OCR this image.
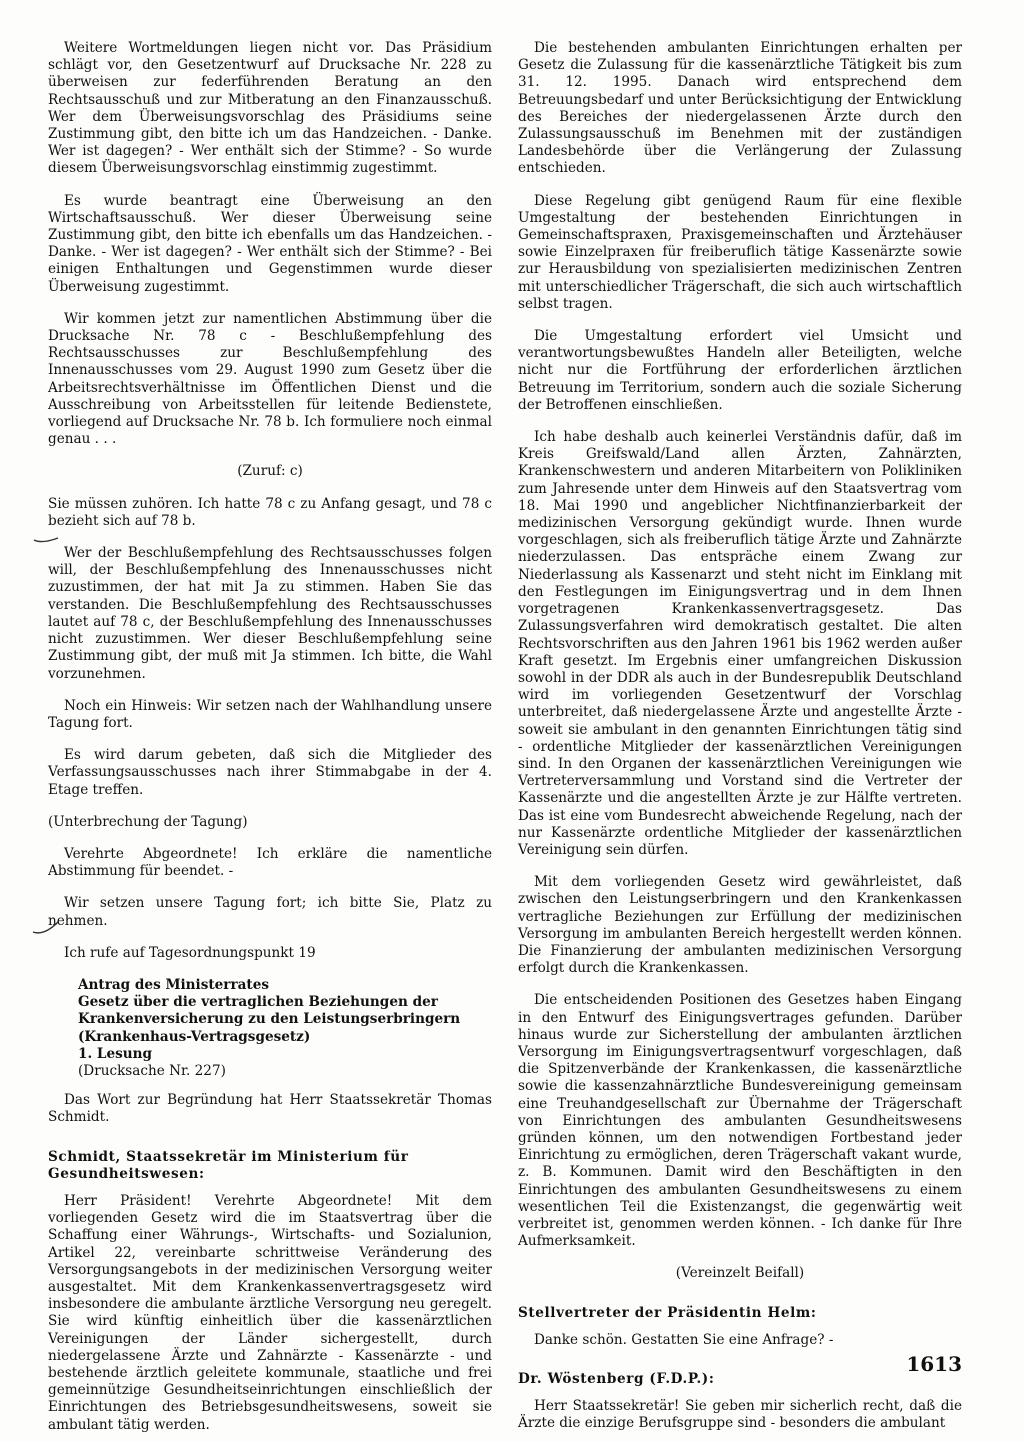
Weitere Wortmeldungen liegen nicht vor. Das Präsidium schlägt vor, den Gesetzentwurf auf Drucksache Nr. 228 zu überweisen zur federführenden Beratung an den Rechtsausschuß und zur Mitberatung an den Finanzausschuß. Wer dem Überweisungsvorschlag des Präsidiums seine Zustimmung gibt, den bitte ich um das Handzeichen. - Danke. Wer ist dagegen? - Wer enthält sich der Stimme? - So wurde diesem Überweisungsvorschlag einstimmig zugestimmt.

Es wurde beantragt eine Überweisung an den Wirtschaftsausschuß. Wer dieser Überweisung seine Zustimmung gibt, den bitte ich ebenfalls um das Handzeichen. - Danke. - Wer ist dagegen? - Wer enthält sich der Stimme? - Bei einigen Enthaltungen und Gegenstimmen wurde dieser Überweisung zugestimmt.

Wir kommen jetzt zur namentlichen Abstimmung über die Drucksache Nr. 78 c - Beschlußempfehlung des Rechtsausschusses zur Beschlußempfehlung des Innenausschusses vom 29. August 1990 zum Gesetz über die Arbeitsrechtsverhältnisse im Öffentlichen Dienst und die Ausschreibung von Arbeitsstellen für leitende Bedienstete, vorliegend auf Drucksache Nr. 78 b. Ich formuliere noch einmal genau . . .

(Zuruf: c)

Sie müssen zuhören. Ich hatte 78 c zu Anfang gesagt, und 78 c bezieht sich auf 78 b.

Wer der Beschlußempfehlung des Rechtsausschusses folgen will, der Beschlußempfehlung des Innenausschusses nicht zuzustimmen, der hat mit Ja zu stimmen. Haben Sie das verstanden. Die Beschlußempfehlung des Rechtsausschusses lautet auf 78 c, der Beschlußempfehlung des Innenausschusses nicht zuzustimmen. Wer dieser Beschlußempfehlung seine Zustimmung gibt, der muß mit Ja stimmen. Ich bitte, die Wahl vorzunehmen.

Noch ein Hinweis: Wir setzen nach der Wahlhandlung unsere Tagung fort.

Es wird darum gebeten, daß sich die Mitglieder des Verfassungsausschusses nach ihrer Stimmabgabe in der 4. Etage treffen.

(Unterbrechung der Tagung)

Verehrte Abgeordnete! Ich erkläre die namentliche Abstimmung für beendet. -

Wir setzen unsere Tagung fort; ich bitte Sie, Platz zu nehmen.

Ich rufe auf Tagesordnungspunkt 19

Antrag des Ministerrates
Gesetz über die vertraglichen Beziehungen der Krankenversicherung zu den Leistungserbringern (Krankenhaus-Vertragsgesetz)
1. Lesung
(Drucksache Nr. 227)

Das Wort zur Begründung hat Herr Staatssekretär Thomas Schmidt.

Schmidt, Staatssekretär im Ministerium für Gesundheitswesen:

Herr Präsident! Verehrte Abgeordnete! Mit dem vorliegenden Gesetz wird die im Staatsvertrag über die Schaffung einer Währungs-, Wirtschafts- und Sozialunion, Artikel 22, vereinbarte schrittweise Veränderung des Versorgungsangebots in der medizinischen Versorgung weiter ausgestaltet. Mit dem Krankenkassenvertragsgesetz wird insbesondere die ambulante ärztliche Versorgung neu geregelt. Sie wird künftig einheitlich über die kassenärztlichen Vereinigungen der Länder sichergestellt, durch niedergelassene Ärzte und Zahnärzte - Kassenärzte - und bestehende ärztlich geleitete kommunale, staatliche und frei gemeinnützige Gesundheitseinrichtungen einschließlich der Einrichtungen des Betriebsgesundheitswesens, soweit sie ambulant tätig werden.

Die bestehenden ambulanten Einrichtungen erhalten per Gesetz die Zulassung für die kassenärztliche Tätigkeit bis zum 31. 12. 1995. Danach wird entsprechend dem Betreuungsbedarf und unter Berücksichtigung der Entwicklung des Bereiches der niedergelassenen Ärzte durch den Zulassungsausschuß im Benehmen mit der zuständigen Landesbehörde über die Verlängerung der Zulassung entschieden.

Diese Regelung gibt genügend Raum für eine flexible Umgestaltung der bestehenden Einrichtungen in Gemeinschaftspraxen, Praxisgemeinschaften und Ärztehäuser sowie Einzelpraxen für freiberuflich tätige Kassenärzte sowie zur Herausbildung von spezialisierten medizinischen Zentren mit unterschiedlicher Trägerschaft, die sich auch wirtschaftlich selbst tragen.

Die Umgestaltung erfordert viel Umsicht und verantwortungsbewußtes Handeln aller Beteiligten, welche nicht nur die Fortführung der erforderlichen ärztlichen Betreuung im Territorium, sondern auch die soziale Sicherung der Betroffenen einschließen.

Ich habe deshalb auch keinerlei Verständnis dafür, daß im Kreis Greifswald/Land allen Ärzten, Zahnärzten, Krankenschwestern und anderen Mitarbeitern von Polikliniken zum Jahresende unter dem Hinweis auf den Staatsvertrag vom 18. Mai 1990 und angeblicher Nichtfinanzierbarkeit der medizinischen Versorgung gekündigt wurde. Ihnen wurde vorgeschlagen, sich als freiberuflich tätige Ärzte und Zahnärzte niederzulassen. Das entspräche einem Zwang zur Niederlassung als Kassenarzt und steht nicht im Einklang mit den Festlegungen im Einigungsvertrag und in dem Ihnen vorgetragenen Krankenkassenvertragsgesetz. Das Zulassungsverfahren wird demokratisch gestaltet. Die alten Rechtsvorschriften aus den Jahren 1961 bis 1962 werden außer Kraft gesetzt. Im Ergebnis einer umfangreichen Diskussion sowohl in der DDR als auch in der Bundesrepublik Deutschland wird im vorliegenden Gesetzentwurf der Vorschlag unterbreitet, daß niedergelassene Ärzte und angestellte Ärzte - soweit sie ambulant in den genannten Einrichtungen tätig sind - ordentliche Mitglieder der kassenärztlichen Vereinigungen sind. In den Organen der kassenärztlichen Vereinigungen wie Vertreterversammlung und Vorstand sind die Vertreter der Kassenärzte und die angestellten Ärzte je zur Hälfte vertreten. Das ist eine vom Bundesrecht abweichende Regelung, nach der nur Kassenärzte ordentliche Mitglieder der kassenärztlichen Vereinigung sein dürfen.

Mit dem vorliegenden Gesetz wird gewährleistet, daß zwischen den Leistungserbringern und den Krankenkassen vertragliche Beziehungen zur Erfüllung der medizinischen Versorgung im ambulanten Bereich hergestellt werden können. Die Finanzierung der ambulanten medizinischen Versorgung erfolgt durch die Krankenkassen.

Die entscheidenden Positionen des Gesetzes haben Eingang in den Entwurf des Einigungsvertrages gefunden. Darüber hinaus wurde zur Sicherstellung der ambulanten ärztlichen Versorgung im Einigungsvertragsentwurf vorgeschlagen, daß die Spitzenverbände der Krankenkassen, die kassenärztliche sowie die kassenzahnärztliche Bundesvereinigung gemeinsam eine Treuhandgesellschaft zur Übernahme der Trägerschaft von Einrichtungen des ambulanten Gesundheitswesens gründen können, um den notwendigen Fortbestand jeder Einrichtung zu ermöglichen, deren Trägerschaft vakant wurde, z. B. Kommunen. Damit wird den Beschäftigten in den Einrichtungen des ambulanten Gesundheitswesens zu einem wesentlichen Teil die Existenzangst, die gegenwärtig weit verbreitet ist, genommen werden können. - Ich danke für Ihre Aufmerksamkeit.

(Vereinzelt Beifall)

Stellvertreter der Präsidentin Helm:

Danke schön. Gestatten Sie eine Anfrage? -

Dr. Wöstenberg (F.D.P.):

Herr Staatssekretär! Sie geben mir sicherlich recht, daß die Ärzte die einzige Berufsgruppe sind - besonders die ambulant

1613
